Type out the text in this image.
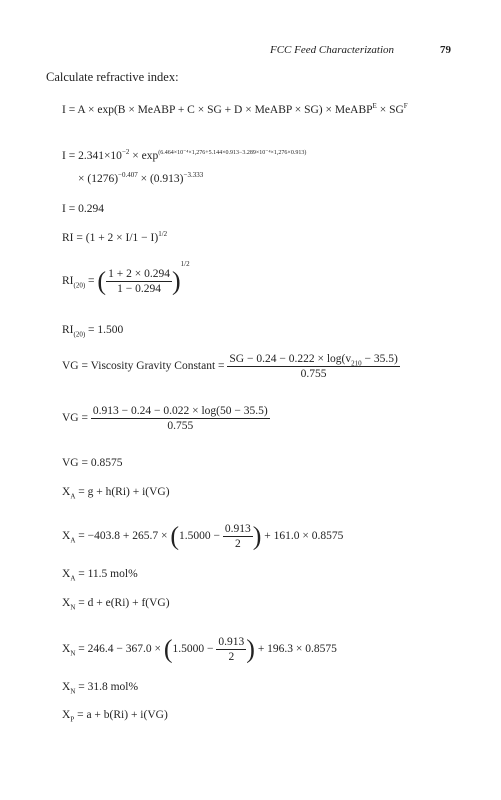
FCC Feed Characterization	79
Calculate refractive index:
I = A × exp(B × MeABP + C × SG + D × MeABP × SG) × MeABP$^E$ × $SG^F$
$I = 2.341\times 10^{-2} \times \exp^{(6.464\times 10^{-4}\times 1,276+5.144\times 0.913-3.289\times 10^{-4}\times 1,276\times 0.913)}$
× $(1276)^{-0.407} \times (0.913)^{-3.333}$
I = 0.294
RI = $(1 + 2 \times I/1 - I)^{1/2}$
$RI_{(20)}$ = ( $\frac{1 + 2 \times 0.294}{1 - 0.294} )^{1/2}$
$RI_{(20)} = 1.500$
VG = Viscosity Gravity Constant = $\frac{SG - 0.24 - 0.222 \times \log(v_{210} - 35.5)}{0.755}$
VG = $\frac{0.913 - 0.24 - 0.022 \times \log(50 - 35.5)}{0.755}$
VG = 0.8575
$X_A = g + h(Ri) + i(VG)$
$X_A = -403.8 + 265.7 \times (1.5000 - \frac{0.913}{2}$ ) + 161.0 × 0.8575
$X_A = 11.5$ mol%
$X_N = d + e(Ri) + f(VG)$
$X_N = 246.4 - 367.0 \times (1.5000 - \frac{0.913}{2}$ ) + 196.3 × 0.8575
$X_N = 31.8$ mol%
$X_P = a + b(Ri) + i(VG)$
